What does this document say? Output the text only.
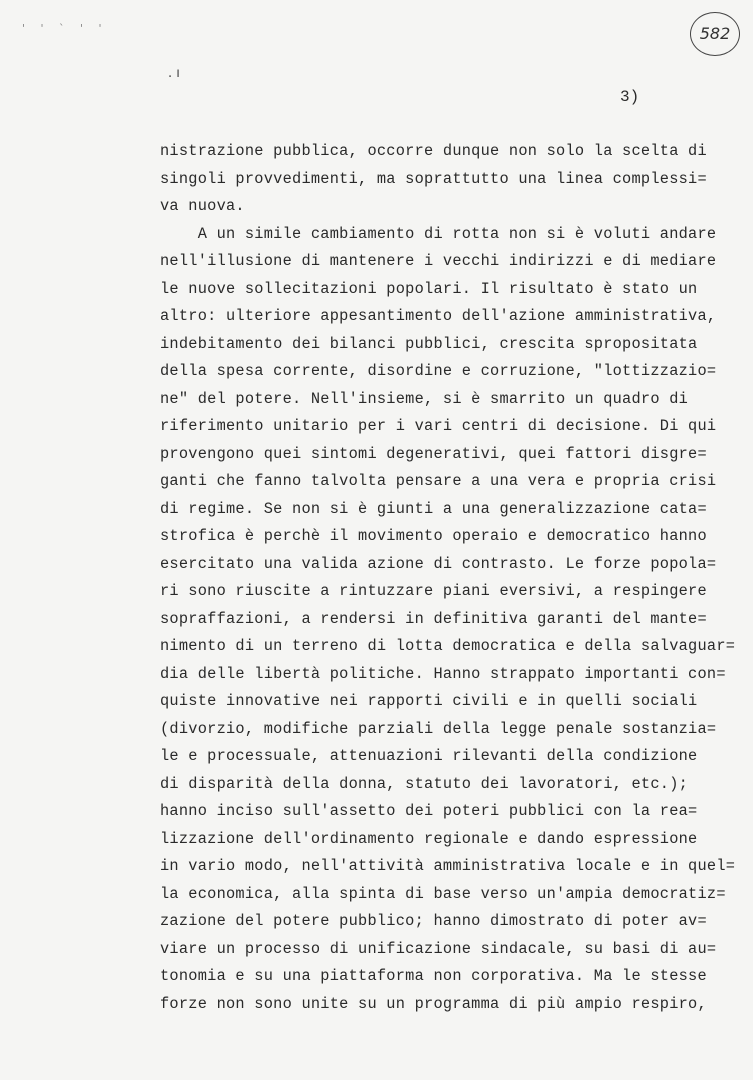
' ' ` ' '	582
. ı
3)
nistrazione pubblica, occorre dunque non solo la scelta di
singoli provvedimenti, ma soprattutto una linea complessi=
va nuova.
A un simile cambiamento di rotta non si è voluti andare
nell'illusione di mantenere i vecchi indirizzi e di mediare
le nuove sollecitazioni popolari. Il risultato è stato un
altro: ulteriore appesantimento dell'azione amministrativa,
indebitamento dei bilanci pubblici, crescita spropositata
della spesa corrente, disordine e corruzione, "lottizzazio=
ne" del potere. Nell'insieme, si è smarrito un quadro di
riferimento unitario per i vari centri di decisione. Di qui
provengono quei sintomi degenerativi, quei fattori disgre=
ganti che fanno talvolta pensare a una vera e propria crisi
di regime. Se non si è giunti a una generalizzazione cata=
strofica è perchè il movimento operaio e democratico hanno
esercitato una valida azione di contrasto. Le forze popola=
ri sono riuscite a rintuzzare piani eversivi, a respingere
sopraffazioni, a rendersi in definitiva garanti del mante=
nimento di un terreno di lotta democratica e della salvaguar=
dia delle libertà politiche. Hanno strappato importanti con=
quiste innovative nei rapporti civili e in quelli sociali
(divorzio, modifiche parziali della legge penale sostanzia=
le e processuale, attenuazioni rilevanti della condizione
di disparità della donna, statuto dei lavoratori, etc.);
hanno inciso sull'assetto dei poteri pubblici con la rea=
lizzazione dell'ordinamento regionale e dando espressione
in vario modo, nell'attività amministrativa locale e in quel=
la economica, alla spinta di base verso un'ampia democratiz=
zazione del potere pubblico; hanno dimostrato di poter av=
viare un processo di unificazione sindacale, su basi di au=
tonomia e su una piattaforma non corporativa. Ma le stesse
forze non sono unite su un programma di più ampio respiro,
